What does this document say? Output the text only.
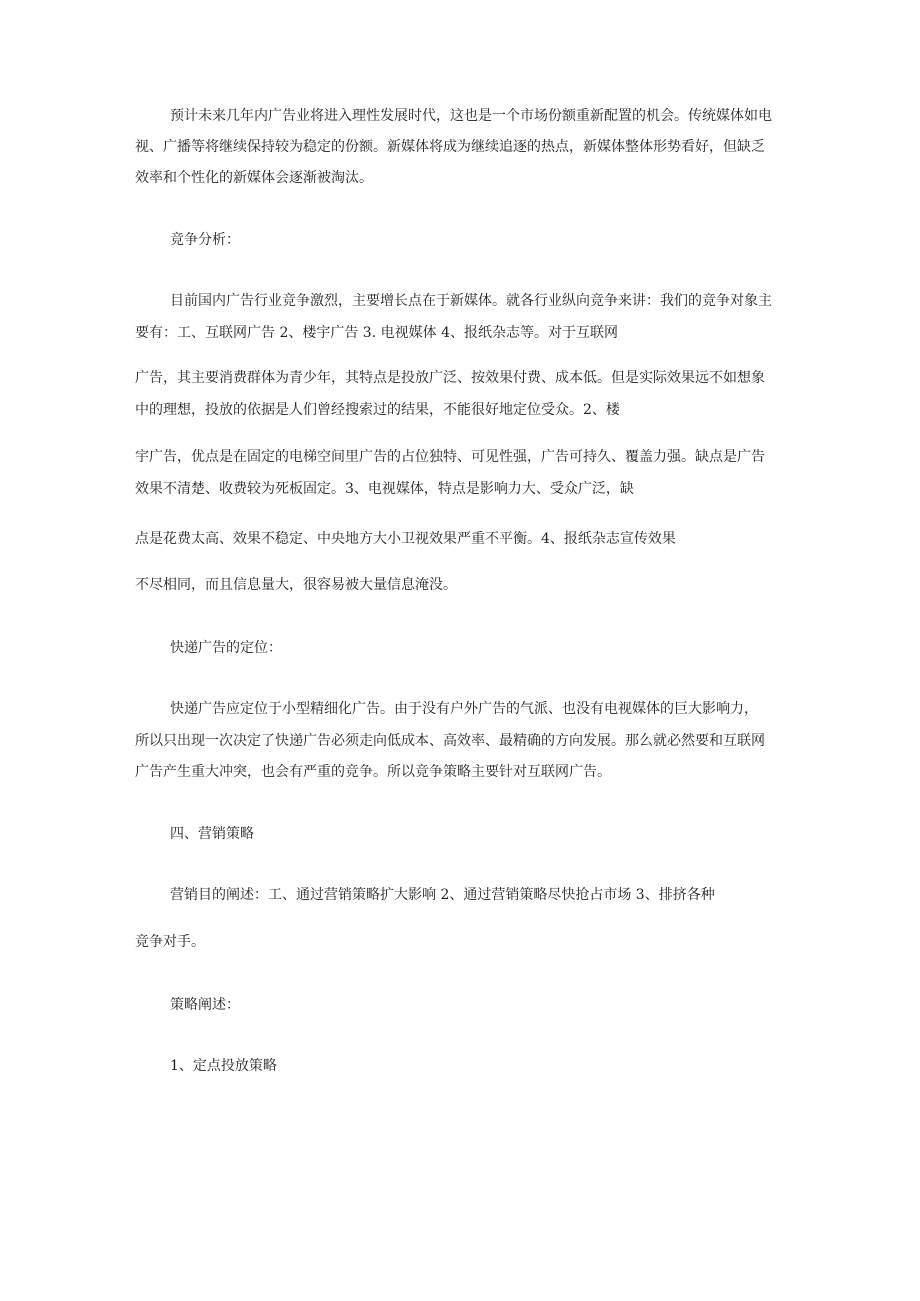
预计未来几年内广告业将进入理性发展时代，这也是一个市场份额重新配置的机会。传统媒体如电

视、广播等将继续保持较为稳定的份额。新媒体将成为继续追逐的热点，新媒体整体形势看好，但缺乏

效率和个性化的新媒体会逐渐被淘汰。

竞争分析：

目前国内广告行业竞争激烈，主要增长点在于新媒体。就各行业纵向竞争来讲：我们的竞争对象主

要有：工、互联网广告 2、楼宇广告 3. 电视媒体 4、报纸杂志等。对于互联网

广告，其主要消费群体为青少年，其特点是投放广泛、按效果付费、成本低。但是实际效果远不如想象

中的理想，投放的依据是人们曾经搜索过的结果，不能很好地定位受众。2、楼

宇广告，优点是在固定的电梯空间里广告的占位独特、可见性强，广告可持久、覆盖力强。缺点是广告

效果不清楚、收费较为死板固定。3、电视媒体，特点是影响力大、受众广泛，缺

点是花费太高、效果不稳定、中央地方大小卫视效果严重不平衡。4、报纸杂志宣传效果

不尽相同，而且信息量大，很容易被大量信息淹没。

快递广告的定位：

快递广告应定位于小型精细化广告。由于没有户外广告的气派、也没有电视媒体的巨大影响力，

所以只出现一次决定了快递广告必须走向低成本、高效率、最精确的方向发展。那么就必然要和互联网

广告产生重大冲突，也会有严重的竞争。所以竞争策略主要针对互联网广告。

四、营销策略

营销目的阐述：工、通过营销策略扩大影响 2、通过营销策略尽快抢占市场 3、排挤各种

竞争对手。

策略阐述：

1、定点投放策略
